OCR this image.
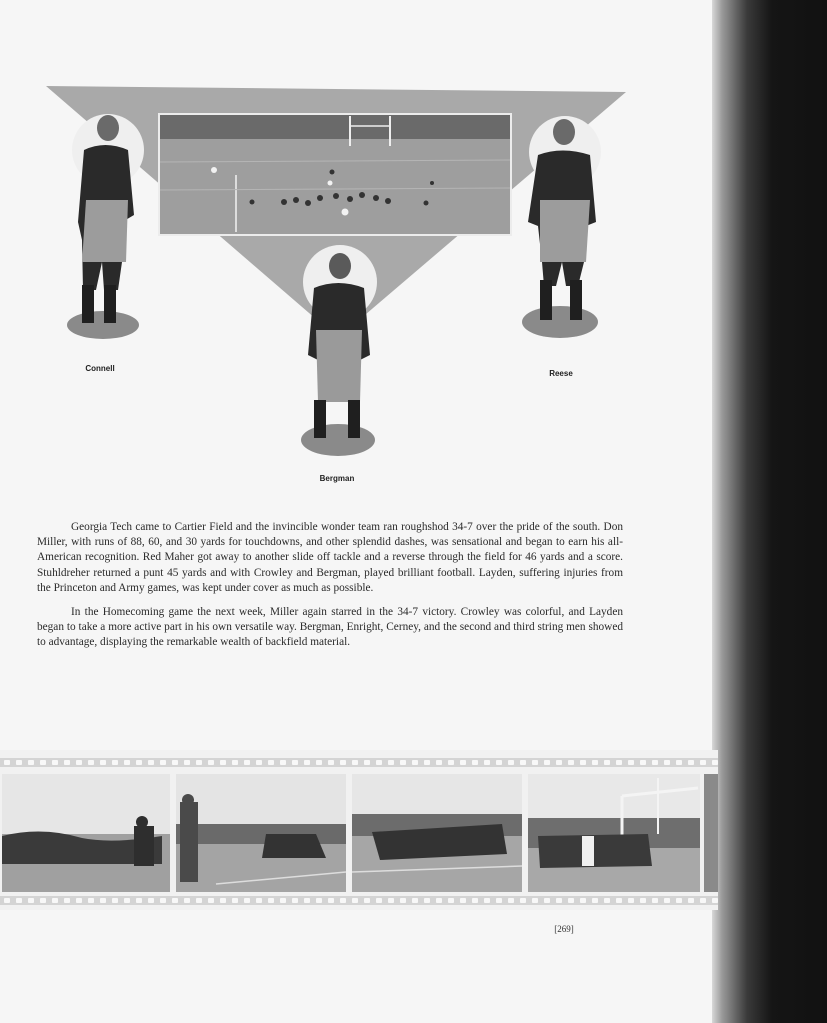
Connell
Bergman
Reese

Georgia Tech came to Cartier Field and the invincible wonder team ran roughshod 34-7 over the pride of the south. Don Miller, with runs of 88, 60, and 30 yards for touchdowns, and other splendid dashes, was sensational and began to earn his all-American recognition. Red Maher got away to another slide off tackle and a reverse through the field for 46 yards and a score. Stuhldreher returned a punt 45 yards and with Crowley and Bergman, played brilliant football. Layden, suffering injuries from the Princeton and Army games, was kept under cover as much as possible.

In the Homecoming game the next week, Miller again starred in the 34-7 victory. Crowley was colorful, and Layden began to take a more active part in his own versatile way. Bergman, Enright, Cerney, and the second and third string men showed to advantage, displaying the remarkable wealth of backfield material.

[269]
